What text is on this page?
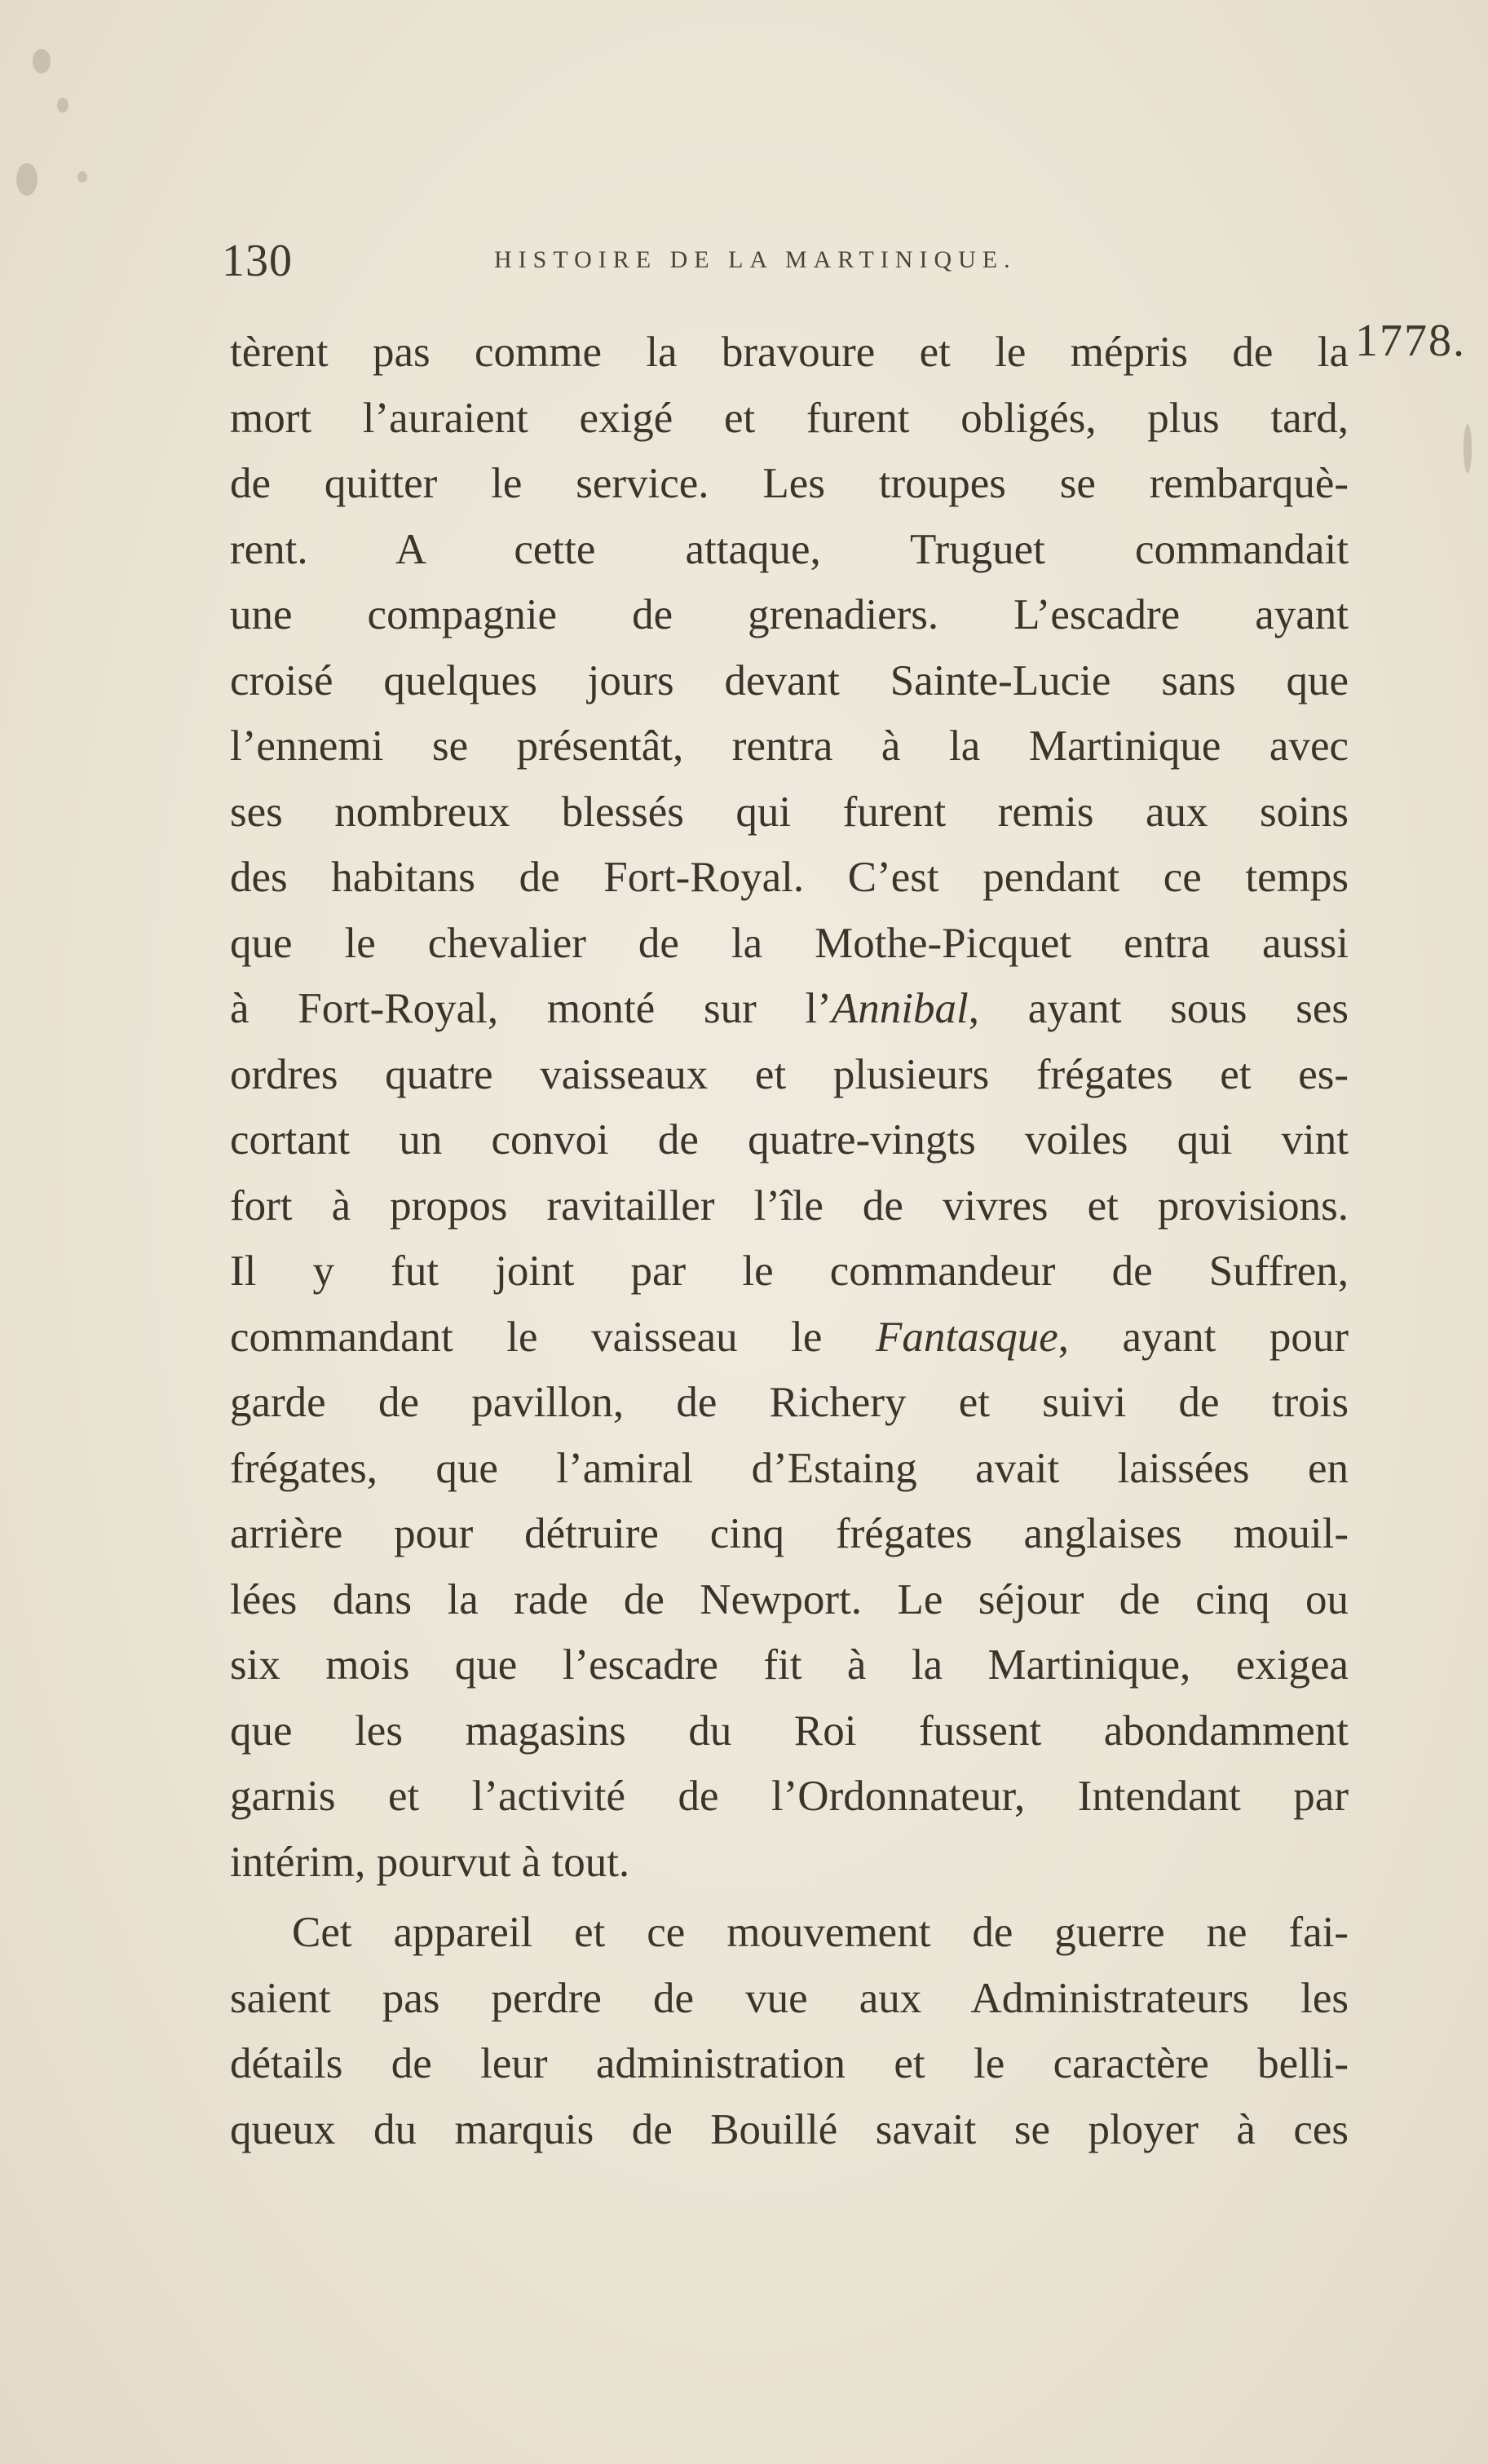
130	HISTOIRE DE LA MARTINIQUE.
1778.
tèrent pas comme la bravoure et le mépris de la
mort l’auraient exigé et furent obligés, plus tard,
de quitter le service. Les troupes se rembarquè-
rent. A cette attaque, Truguet commandait
une compagnie de grenadiers. L’escadre ayant
croisé quelques jours devant Sainte-Lucie sans que
l’ennemi se présentât, rentra à la Martinique avec
ses nombreux blessés qui furent remis aux soins
des habitans de Fort-Royal. C’est pendant ce temps
que le chevalier de la Mothe-Picquet entra aussi
à Fort-Royal, monté sur l’Annibal, ayant sous ses
ordres quatre vaisseaux et plusieurs frégates et es-
cortant un convoi de quatre-vingts voiles qui vint
fort à propos ravitailler l’île de vivres et provisions.
Il y fut joint par le commandeur de Suffren,
commandant le vaisseau le Fantasque, ayant pour
garde de pavillon, de Richery et suivi de trois
frégates, que l’amiral d’Estaing avait laissées en
arrière pour détruire cinq frégates anglaises mouil-
lées dans la rade de Newport. Le séjour de cinq ou
six mois que l’escadre fit à la Martinique, exigea
que les magasins du Roi fussent abondamment
garnis et l’activité de l’Ordonnateur, Intendant par
intérim, pourvut à tout.
Cet appareil et ce mouvement de guerre ne fai-
saient pas perdre de vue aux Administrateurs les
détails de leur administration et le caractère belli-
queux du marquis de Bouillé savait se ployer à ces
